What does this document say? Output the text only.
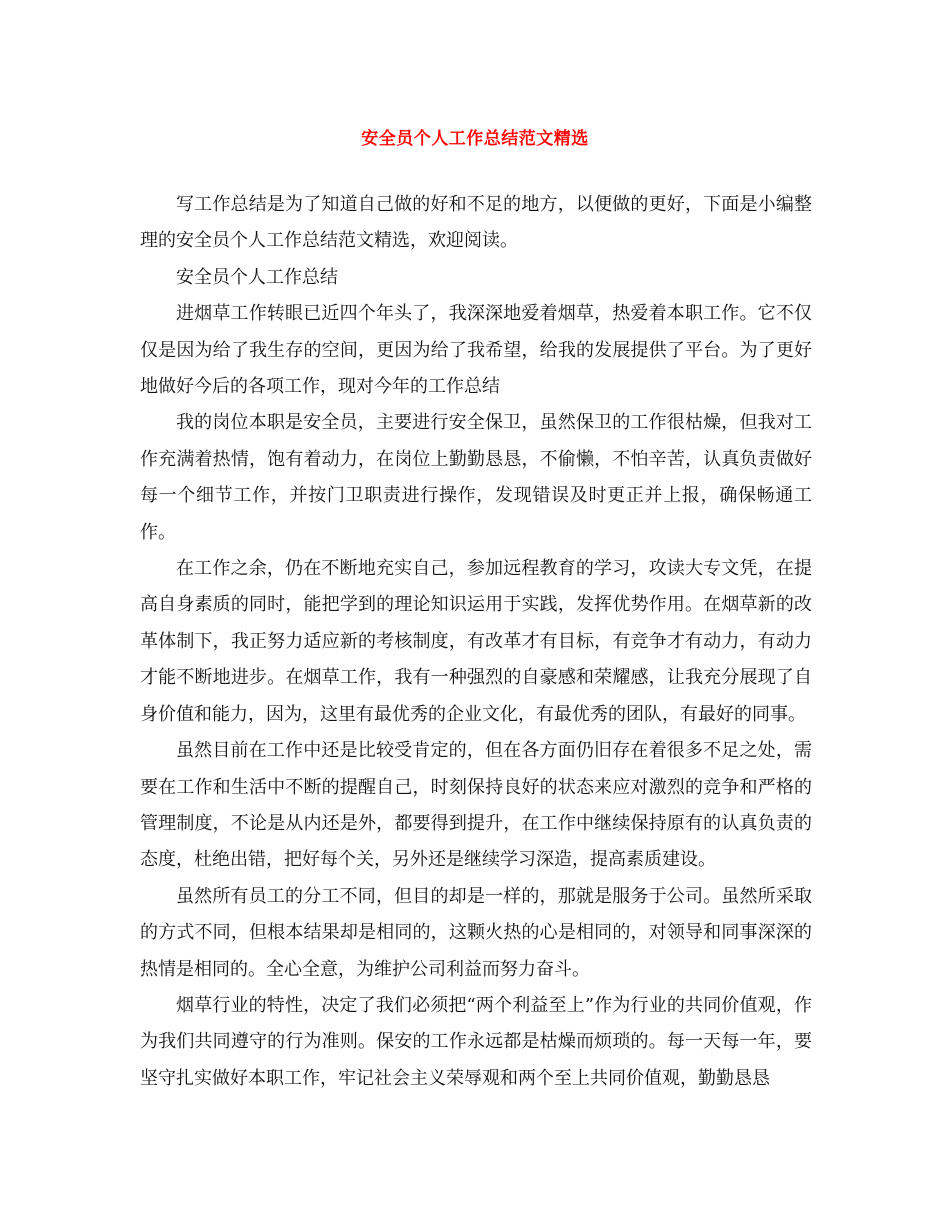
安全员个人工作总结范文精选

写工作总结是为了知道自己做的好和不足的地方，以便做的更好，下面是小编整理的安全员个人工作总结范文精选，欢迎阅读。

安全员个人工作总结

进烟草工作转眼已近四个年头了，我深深地爱着烟草，热爱着本职工作。它不仅仅是因为给了我生存的空间，更因为给了我希望，给我的发展提供了平台。为了更好地做好今后的各项工作，现对今年的工作总结

我的岗位本职是安全员，主要进行安全保卫，虽然保卫的工作很枯燥，但我对工作充满着热情，饱有着动力，在岗位上勤勤恳恳，不偷懒，不怕辛苦，认真负责做好每一个细节工作，并按门卫职责进行操作，发现错误及时更正并上报，确保畅通工作。

在工作之余，仍在不断地充实自己，参加远程教育的学习，攻读大专文凭，在提高自身素质的同时，能把学到的理论知识运用于实践，发挥优势作用。在烟草新的改革体制下，我正努力适应新的考核制度，有改革才有目标，有竞争才有动力，有动力才能不断地进步。在烟草工作，我有一种强烈的自豪感和荣耀感，让我充分展现了自身价值和能力，因为，这里有最优秀的企业文化，有最优秀的团队，有最好的同事。

虽然目前在工作中还是比较受肯定的，但在各方面仍旧存在着很多不足之处，需要在工作和生活中不断的提醒自己，时刻保持良好的状态来应对激烈的竞争和严格的管理制度，不论是从内还是外，都要得到提升，在工作中继续保持原有的认真负责的态度，杜绝出错，把好每个关，另外还是继续学习深造，提高素质建设。

虽然所有员工的分工不同，但目的却是一样的，那就是服务于公司。虽然所采取的方式不同，但根本结果却是相同的，这颗火热的心是相同的，对领导和同事深深的热情是相同的。全心全意，为维护公司利益而努力奋斗。

烟草行业的特性，决定了我们必须把“两个利益至上”作为行业的共同价值观，作为我们共同遵守的行为准则。保安的工作永远都是枯燥而烦琐的。每一天每一年，要坚守扎实做好本职工作，牢记社会主义荣辱观和两个至上共同价值观，勤勤恳恳
